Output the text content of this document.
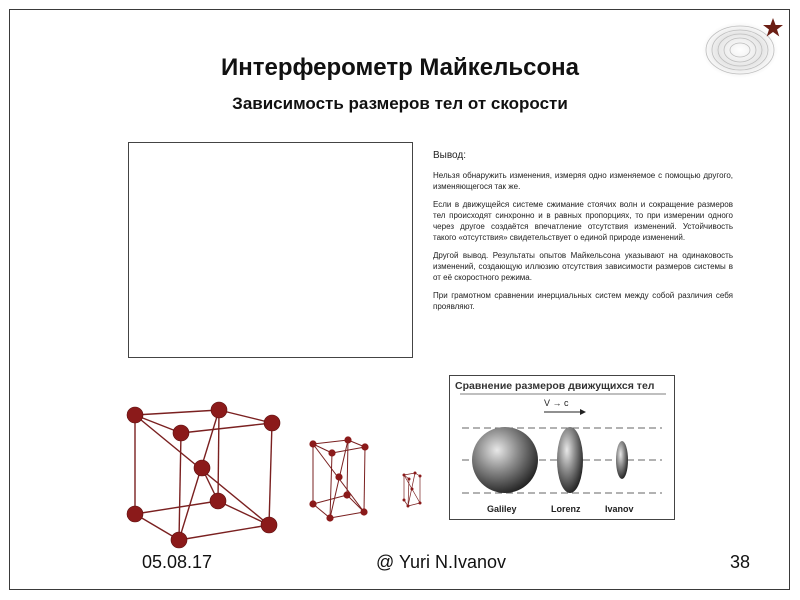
Интерферометр Майкельсона
Зависимость размеров тел от скорости
Вывод:

Нельзя обнаружить изменения, измеряя одно изменяемое с помощью другого, изменяющегося так же.

Если в движущейся системе сжимание стоячих волн и сокращение размеров тел происходят синхронно и в равных пропорциях, то при измерении одного через другое создаётся впечатление отсутствия изменений. Устойчивость такого «отсутствия» свидетельствует о единой природе изменений.

Другой вывод. Результаты опытов Майкельсона указывают на одинаковость изменений, создающую иллюзию отсутствия зависимости размеров системы в от её скоростного режима.

При грамотном сравнении инерциальных систем между собой различия себя проявляют.

Сравнение размеров движущихся тел
V → c
Galiley	Lorenz	Ivanov
05.08.17	@ Yuri N.Ivanov	38
